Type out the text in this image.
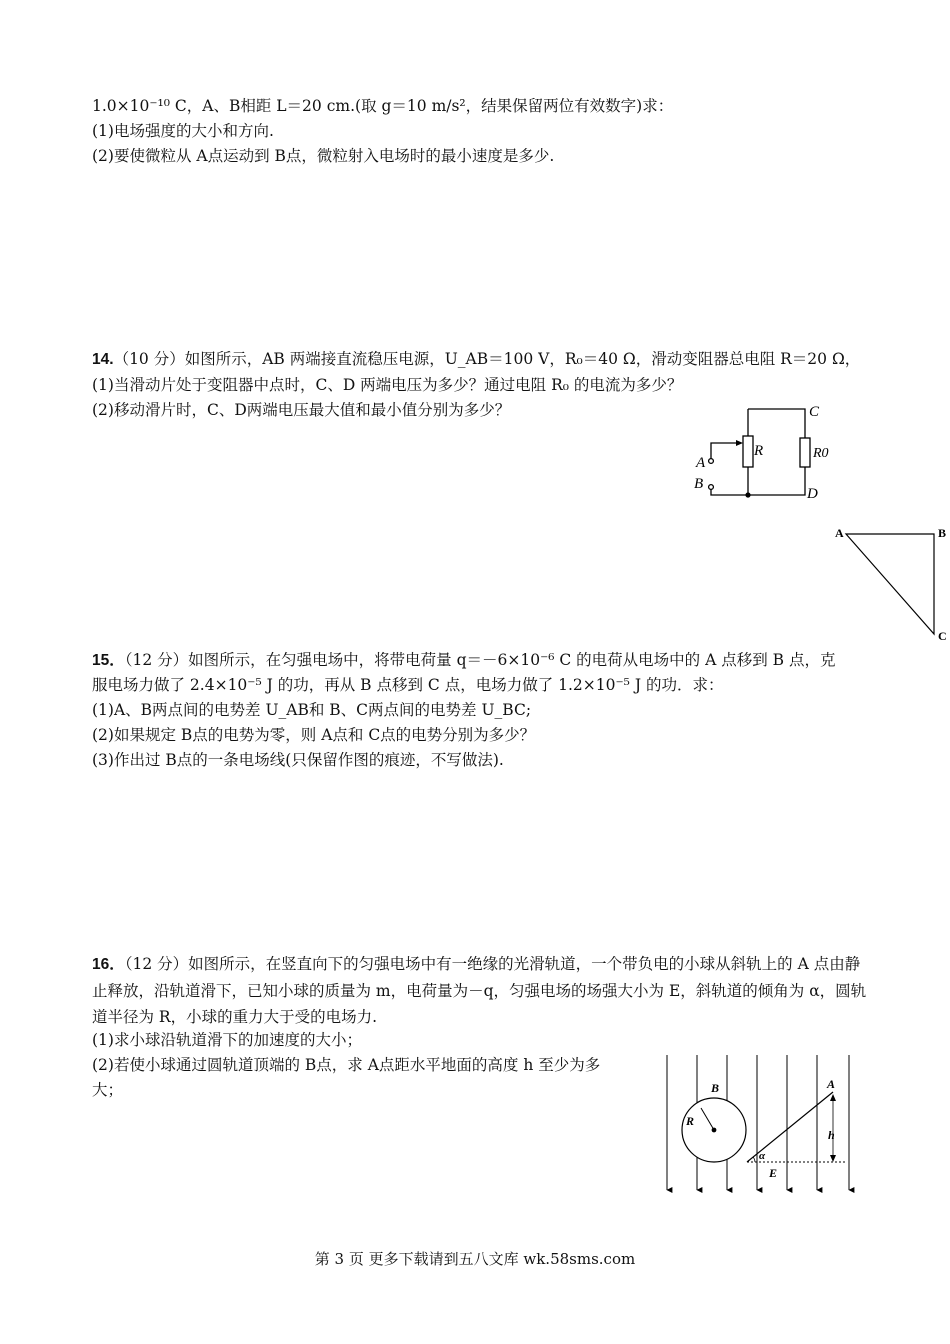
1.0×10⁻¹⁰ C，A、B相距 L＝20 cm.(取 g＝10 m/s²，结果保留两位有效数字)求：
(1)电场强度的大小和方向.
(2)要使微粒从 A点运动到 B点，微粒射入电场时的最小速度是多少.
14.（10 分）如图所示，AB 两端接直流稳压电源，U_AB＝100 V，R₀＝40 Ω，滑动变阻器总电阻 R＝20 Ω，
(1)当滑动片处于变阻器中点时，C、D 两端电压为多少？通过电阻 R₀ 的电流为多少？
(2)移动滑片时，C、D两端电压最大值和最小值分别为多少？	C
R0
R
A
B
D
A	B
C
15．（12 分）如图所示，在匀强电场中，将带电荷量 q＝－6×10⁻⁶ C 的电荷从电场中的 A 点移到 B 点，克
服电场力做了 2.4×10⁻⁵ J 的功，再从 B 点移到 C 点，电场力做了 1.2×10⁻⁵ J 的功．求：
(1)A、B两点间的电势差 U_AB和 B、C两点间的电势差 U_BC;
(2)如果规定 B点的电势为零，则 A点和 C点的电势分别为多少？
(3)作出过 B点的一条电场线(只保留作图的痕迹，不写做法).
16．（12 分）如图所示，在竖直向下的匀强电场中有一绝缘的光滑轨道，一个带负电的小球从斜轨上的 A 点由静止释放，沿轨道滑下，已知小球的质量为 m，电荷量为－q，匀强电场的场强大小为 E，斜轨道的倾角为 α，圆轨道半径为 R，小球的重力大于受的电场力.
(1)求小球沿轨道滑下的加速度的大小；
(2)若使小球通过圆轨道顶端的 B点，求 A点距水平地面的高度 h 至少为多
大；	B
R
A
h
α
E
第 3 页 更多下载请到五八文库 wk.58sms.com
